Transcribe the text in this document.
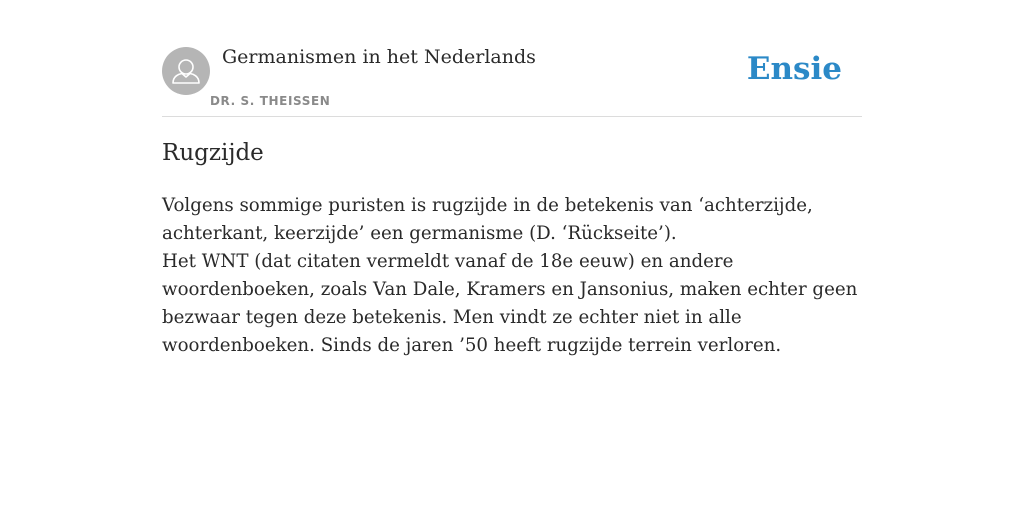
Germanismen in het Nederlands
DR. S. THEISSEN
Ensie
Rugzijde

Volgens sommige puristen is rugzijde in de betekenis van ‘achterzijde, achterkant, keerzijde’ een germanisme (D. ‘Rückseite’).

Het WNT (dat citaten vermeldt vanaf de 18e eeuw) en andere woordenboeken, zoals Van Dale, Kramers en Jansonius, maken echter geen bezwaar tegen deze betekenis. Men vindt ze echter niet in alle woordenboeken. Sinds de jaren ’50 heeft rugzijde terrein verloren.
